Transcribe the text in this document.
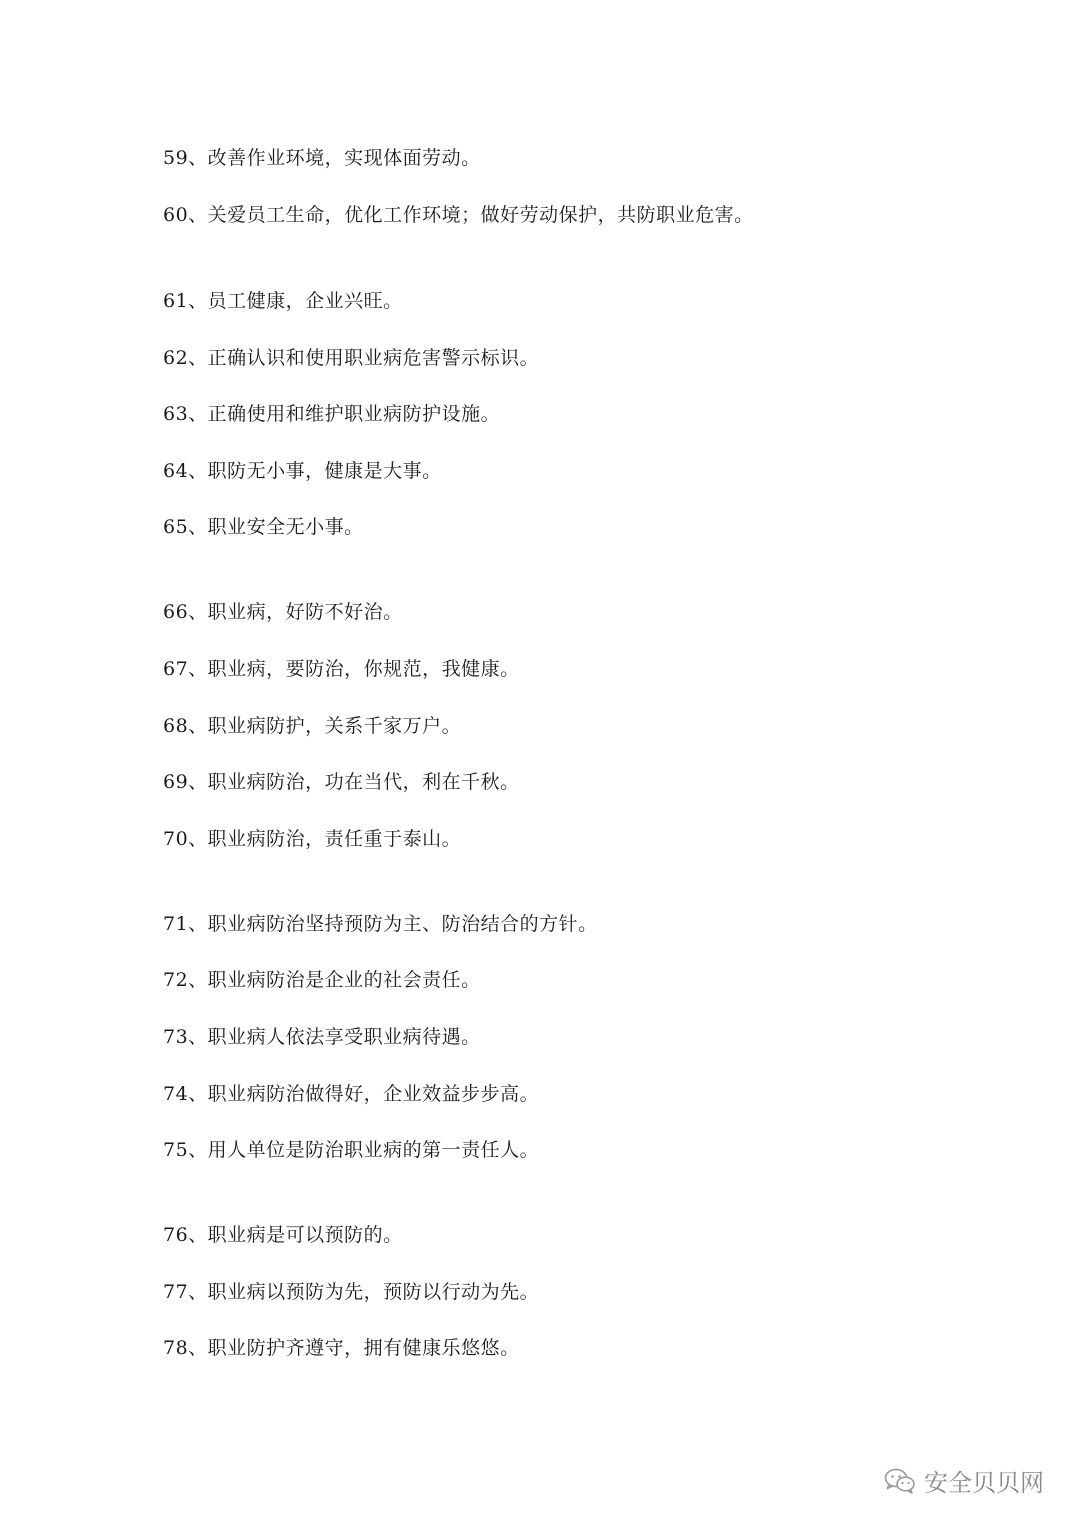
59、改善作业环境，实现体面劳动。
60、关爱员工生命，优化工作环境；做好劳动保护，共防职业危害。
61、员工健康，企业兴旺。
62、正确认识和使用职业病危害警示标识。
63、正确使用和维护职业病防护设施。
64、职防无小事，健康是大事。
65、职业安全无小事。
66、职业病，好防不好治。
67、职业病，要防治，你规范，我健康。
68、职业病防护，关系千家万户。
69、职业病防治，功在当代，利在千秋。
70、职业病防治，责任重于泰山。
71、职业病防治坚持预防为主、防治结合的方针。
72、职业病防治是企业的社会责任。
73、职业病人依法享受职业病待遇。
74、职业病防治做得好，企业效益步步高。
75、用人单位是防治职业病的第一责任人。
76、职业病是可以预防的。
77、职业病以预防为先，预防以行动为先。
78、职业防护齐遵守，拥有健康乐悠悠。
安全贝贝网
